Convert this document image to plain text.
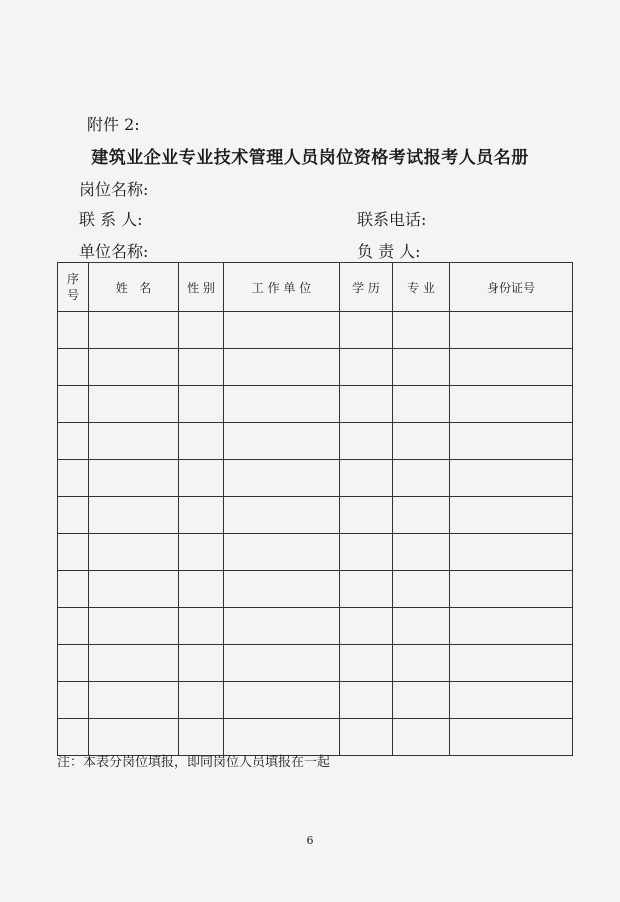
附件 2:
建筑业企业专业技术管理人员岗位资格考试报考人员名册
岗位名称:
联 系 人:	联系电话:
单位名称:	负 责 人:
序
号	姓   名	性 别	工 作 单 位	学 历	专 业	身份证号

注：本表分岗位填报，即同岗位人员填报在一起
6
